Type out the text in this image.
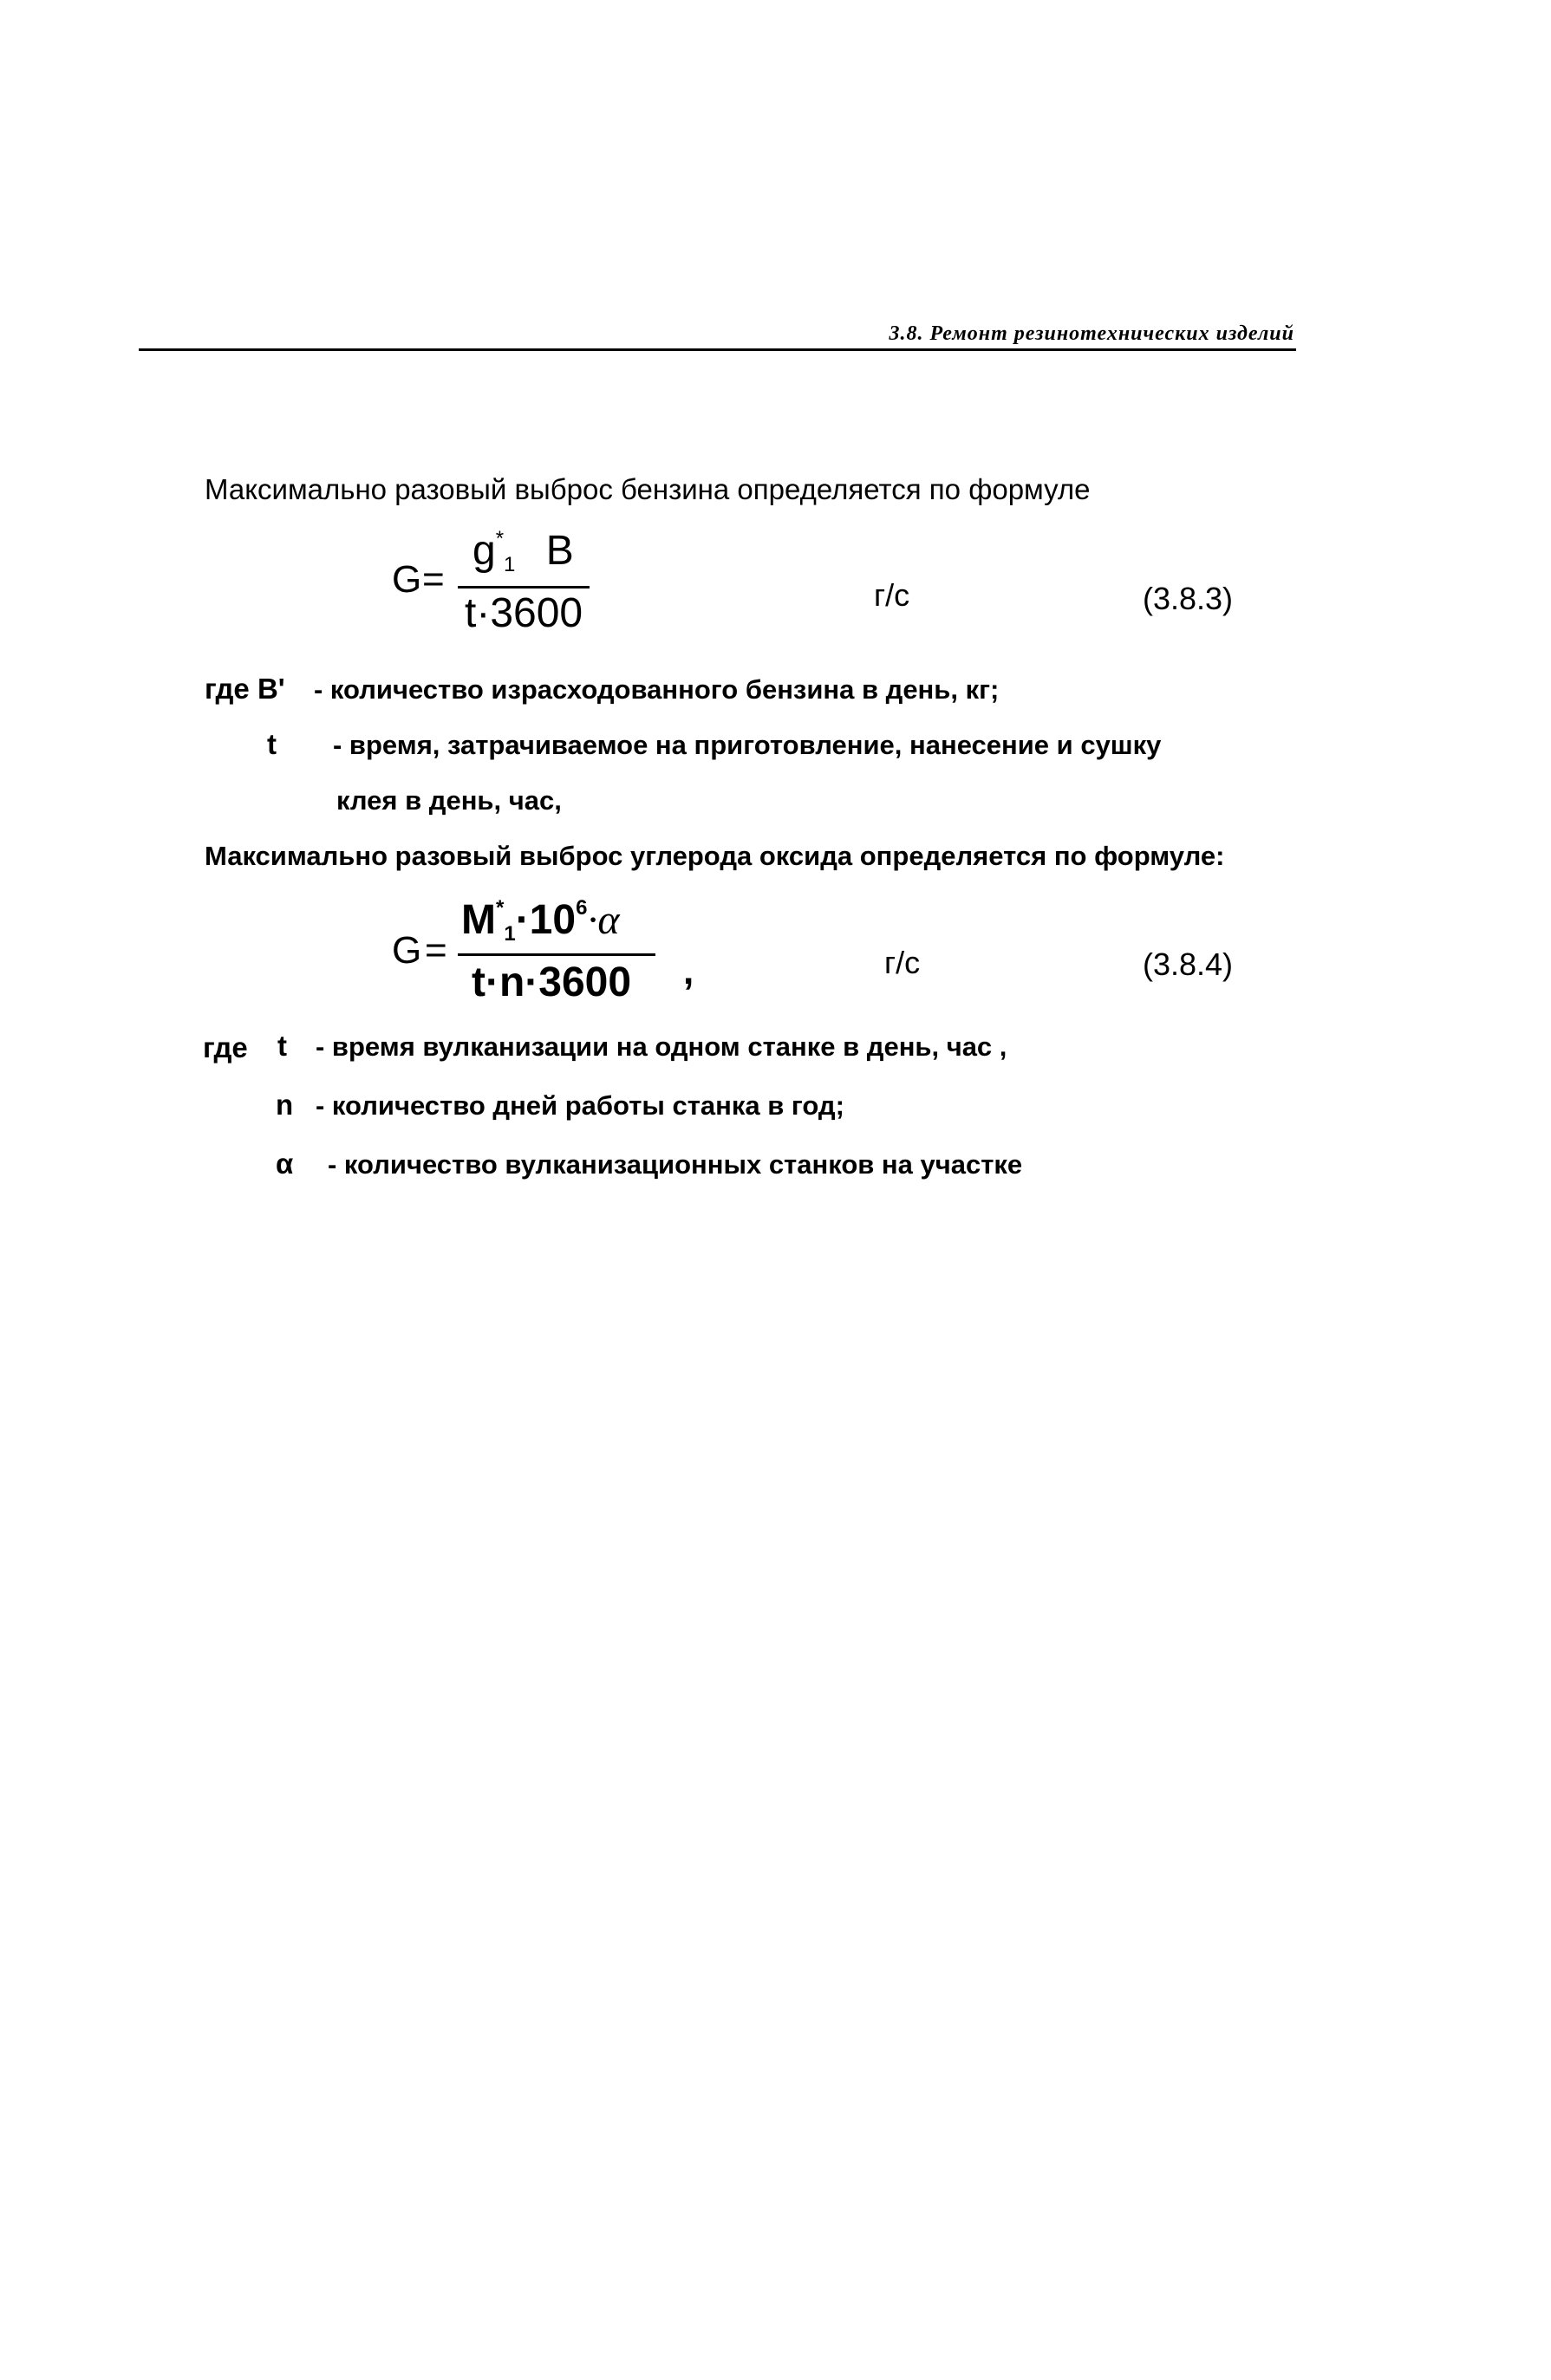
3.8. Ремонт резинотехнических изделий
Максимально разовый выброс бензина определяется по формуле
G =
$g^*_1$ B
t·3600	г/с	(3.8.3)
где B' - количество израсходованного бензина в день, кг;
t - время, затрачиваемое на приготовление, нанесение и сушку
клея в день, час,
Максимально разовый выброс углерода оксида определяется по формуле:
G =
$M^*_1\cdot 10^6\cdot\alpha$
t·n·3600 ,	г/с	(3.8.4)
где t - время вулканизации на одном станке в день, час ,
n - количество дней работы станка в год;
α - количество вулканизационных станков на участке
